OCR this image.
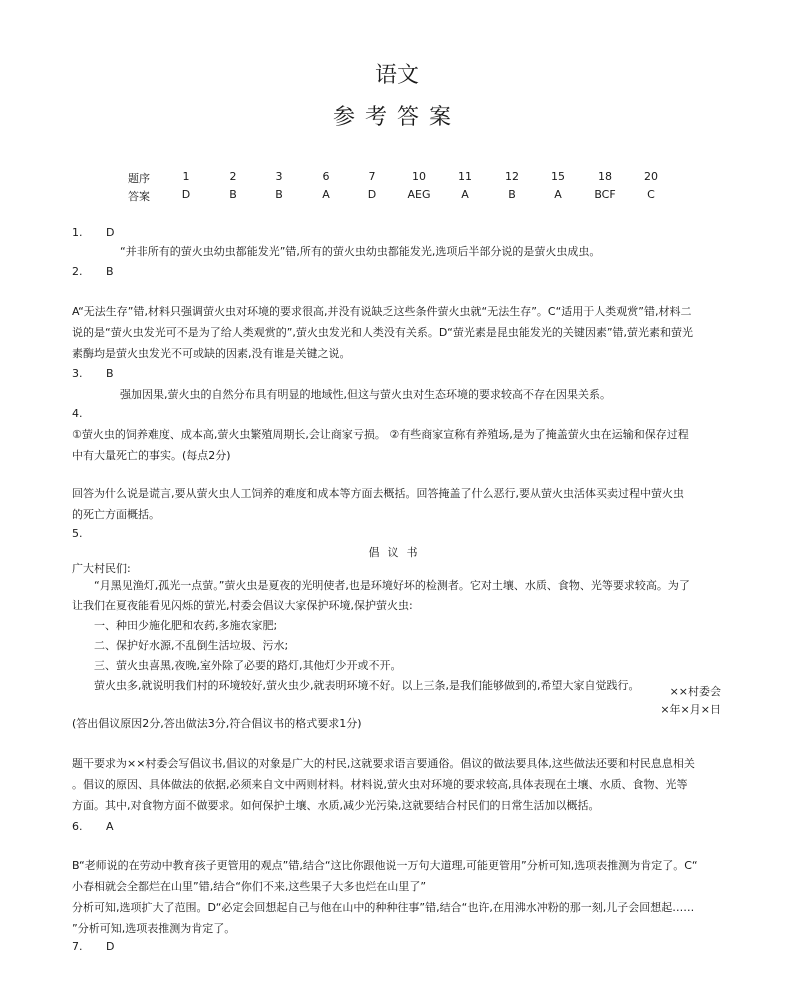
语文
参考答案
题序
答案
1
D
2
B
3
B
6
A
7
D
10
AEG
11
A
12
B
15
A
18
BCF
20
C
1. D
“并非所有的萤火虫幼虫都能发光”错,所有的萤火虫幼虫都能发光,选项后半部分说的是萤火虫成虫。
2. B
A“无法生存”错,材料只强调萤火虫对环境的要求很高,并没有说缺乏这些条件萤火虫就“无法生存”。C“适用于人类观赏”错,材料二
说的是“萤火虫发光可不是为了给人类观赏的”,萤火虫发光和人类没有关系。D“萤光素是昆虫能发光的关键因素”错,萤光素和萤光
素酶均是萤火虫发光不可或缺的因素,没有谁是关键之说。
3. B
强加因果,萤火虫的自然分布具有明显的地域性,但这与萤火虫对生态环境的要求较高不存在因果关系。
4.
①萤火虫的饲养难度、成本高,萤火虫繁殖周期长,会让商家亏损。 ②有些商家宣称有养殖场,是为了掩盖萤火虫在运输和保存过程
中有大量死亡的事实。(每点2分)
回答为什么说是谎言,要从萤火虫人工饲养的难度和成本等方面去概括。回答掩盖了什么恶行,要从萤火虫活体买卖过程中萤火虫
的死亡方面概括。
5.
倡议书
广大村民们:
“月黑见渔灯,孤光一点萤。”萤火虫是夏夜的光明使者,也是环境好坏的检测者。它对土壤、水质、食物、光等要求较高。为了
让我们在夏夜能看见闪烁的萤光,村委会倡议大家保护环境,保护萤火虫:
一、种田少施化肥和农药,多施农家肥;
二、保护好水源,不乱倒生活垃圾、污水;
三、萤火虫喜黑,夜晚,室外除了必要的路灯,其他灯少开或不开。
萤火虫多,就说明我们村的环境较好,萤火虫少,就表明环境不好。以上三条,是我们能够做到的,希望大家自觉践行。	××村委会
×年×月×日
(答出倡议原因2分,答出做法3分,符合倡议书的格式要求1分)
题干要求为××村委会写倡议书,倡议的对象是广大的村民,这就要求语言要通俗。倡议的做法要具体,这些做法还要和村民息息相关
。倡议的原因、具体做法的依据,必须来自文中两则材料。材料说,萤火虫对环境的要求较高,具体表现在土壤、水质、食物、光等
方面。其中,对食物方面不做要求。如何保护土壤、水质,减少光污染,这就要结合村民们的日常生活加以概括。
6. A
B“老师说的在劳动中教育孩子更管用的观点”错,结合“这比你跟他说一万句大道理,可能更管用”分析可知,选项表推测为肯定了。C“
小春相就会全都烂在山里”错,结合“你们不来,这些果子大多也烂在山里了”
分析可知,选项扩大了范围。D“必定会回想起自己与他在山中的种种往事”错,结合“也许,在用沸水冲粉的那一刻,儿子会回想起……
”分析可知,选项表推测为肯定了。
7. D
